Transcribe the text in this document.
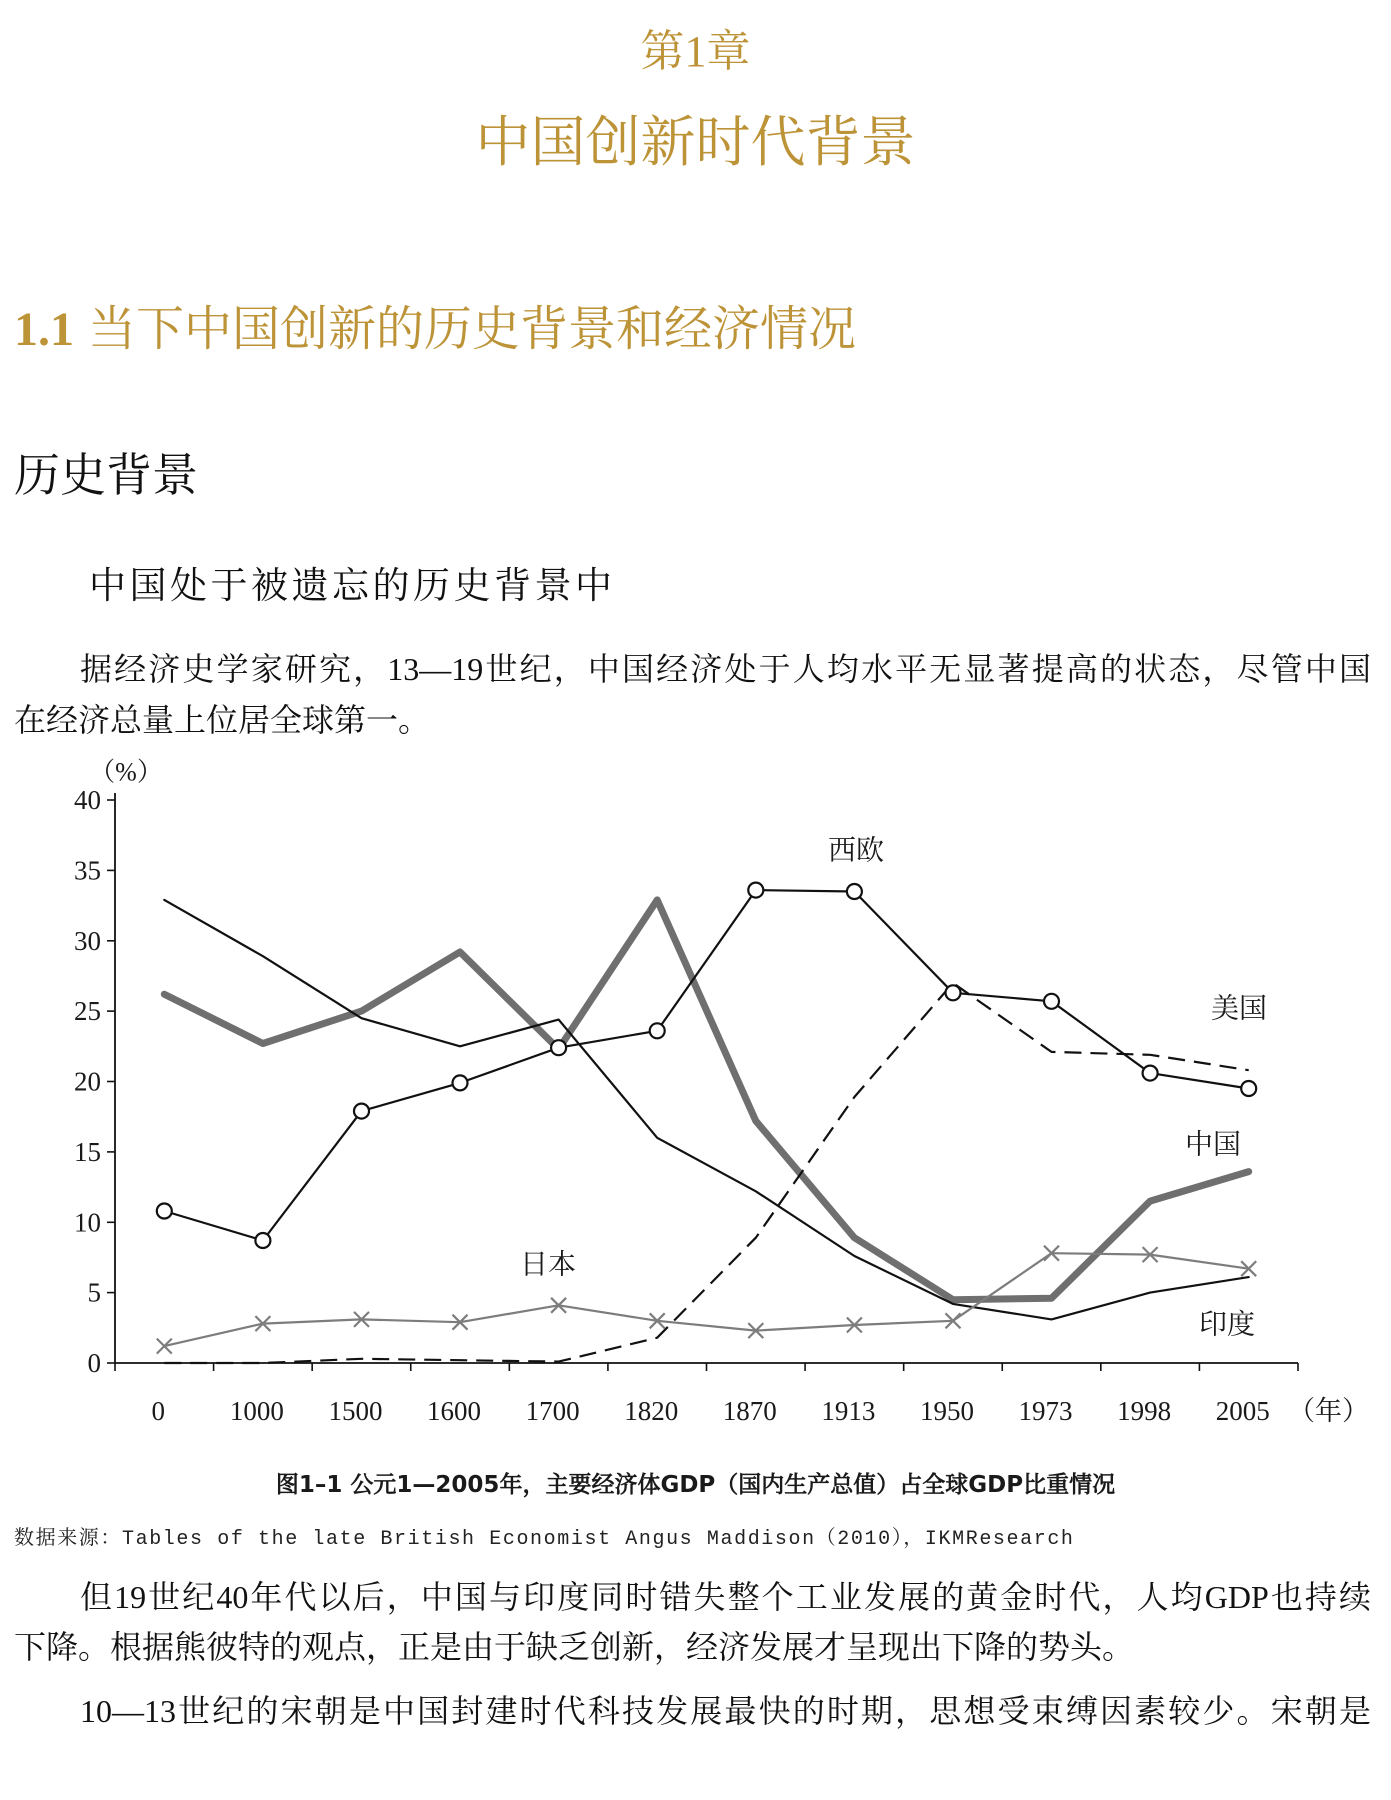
第1章
中国创新时代背景
1.1 当下中国创新的历史背景和经济情况
历史背景
中国处于被遗忘的历史背景中
据经济史学家研究，13—19世纪，中国经济处于人均水平无显著提高的状态，尽管中国
在经济总量上位居全球第一。
0 1000 1500 1600 1700 1820 1870 1913 1950 1973 1998 2005
0
5
10
15
20
25
30
35
40
（%）
（年）
西欧
美国
中国
日本
印度
图1–1 公元1—2005年，主要经济体GDP（国内生产总值）占全球GDP比重情况
数据来源：Tables of the late British Economist Angus Maddison（2010），IKMResearch
但19世纪40年代以后，中国与印度同时错失整个工业发展的黄金时代，人均GDP也持续
下降。根据熊彼特的观点，正是由于缺乏创新，经济发展才呈现出下降的势头。
10—13世纪的宋朝是中国封建时代科技发展最快的时期，思想受束缚因素较少。宋朝是
